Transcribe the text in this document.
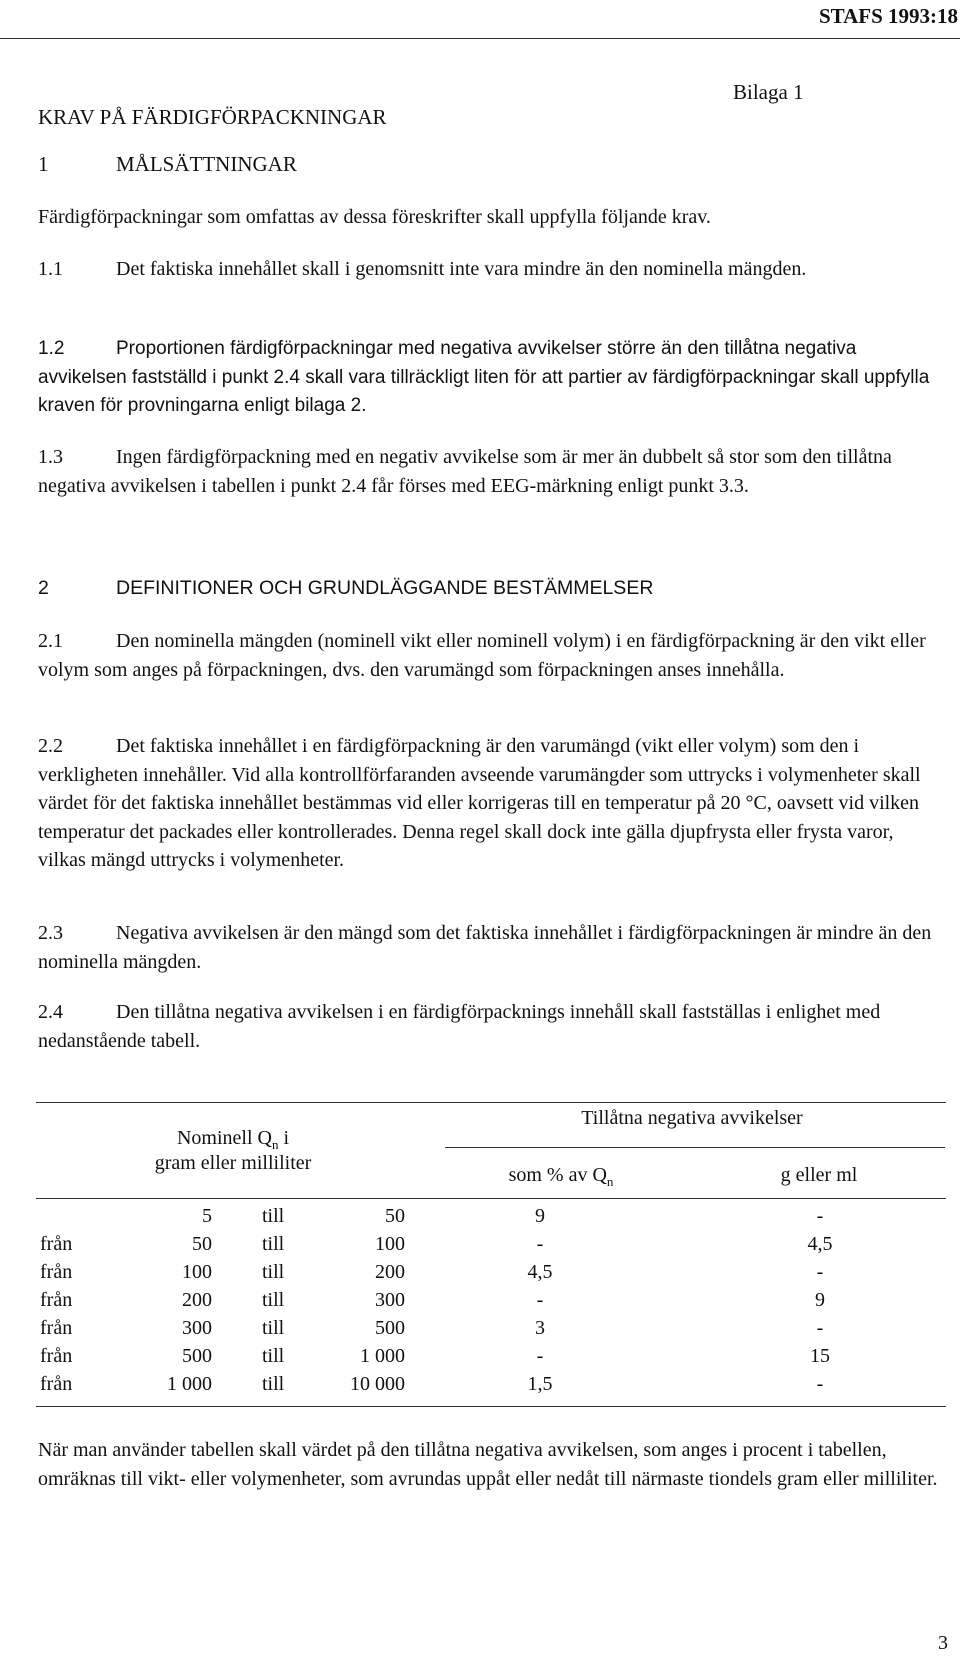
STAFS 1993:18
Bilaga 1
KRAV PÅ FÄRDIGFÖRPACKNINGAR
1	MÅLSÄTTNINGAR

Färdigförpackningar som omfattas av dessa föreskrifter skall uppfylla följande krav.

1.1	Det faktiska innehållet skall i genomsnitt inte vara mindre än den nominella mängden.

1.2	Proportionen färdigförpackningar med negativa avvikelser större än den tillåtna negativa avvikelsen fastställd i punkt 2.4 skall vara tillräckligt liten för att partier av färdigförpackningar skall uppfylla kraven för provningarna enligt bilaga 2.

1.3	Ingen färdigförpackning med en negativ avvikelse som är mer än dubbelt så stor som den tillåtna negativa avvikelsen i tabellen i punkt 2.4 får förses med EEG-märkning enligt punkt 3.3.

2	DEFINITIONER OCH GRUNDLÄGGANDE BESTÄMMELSER

2.1	Den nominella mängden (nominell vikt eller nominell volym) i en färdigförpackning är den vikt eller volym som anges på förpackningen, dvs. den varumängd som förpackningen anses innehålla.

2.2	Det faktiska innehållet i en färdigförpackning är den varumängd (vikt eller volym) som den i verkligheten innehåller. Vid alla kontrollförfaranden avseende varumängder som uttrycks i volymenheter skall värdet för det faktiska innehållet bestämmas vid eller korrigeras till en temperatur på 20 °C, oavsett vid vilken temperatur det packades eller kontrollerades. Denna regel skall dock inte gälla djupfrysta eller frysta varor, vilkas mängd uttrycks i volymenheter.

2.3	Negativa avvikelsen är den mängd som det faktiska innehållet i färdigförpackningen är mindre än den nominella mängden.

2.4	Den tillåtna negativa avvikelsen i en färdigförpacknings innehåll skall fastställas i enlighet med nedanstående tabell.

Nominell $Q_n$ i
gram eller milliliter
Tillåtna negativa avvikelser
som % av $Q_n$	g eller ml
5	till	50	9	-
från	50	till	100	-	4,5
från	100	till	200	4,5	-
från	200	till	300	-	9
från	300	till	500	3	-
från	500	till	1 000	-	15
från	1 000	till	10 000	1,5	-

När man använder tabellen skall värdet på den tillåtna negativa avvikelsen, som anges i procent i tabellen, omräknas till vikt- eller volymenheter, som avrundas uppåt eller nedåt till närmaste tiondels gram eller milliliter.

3
